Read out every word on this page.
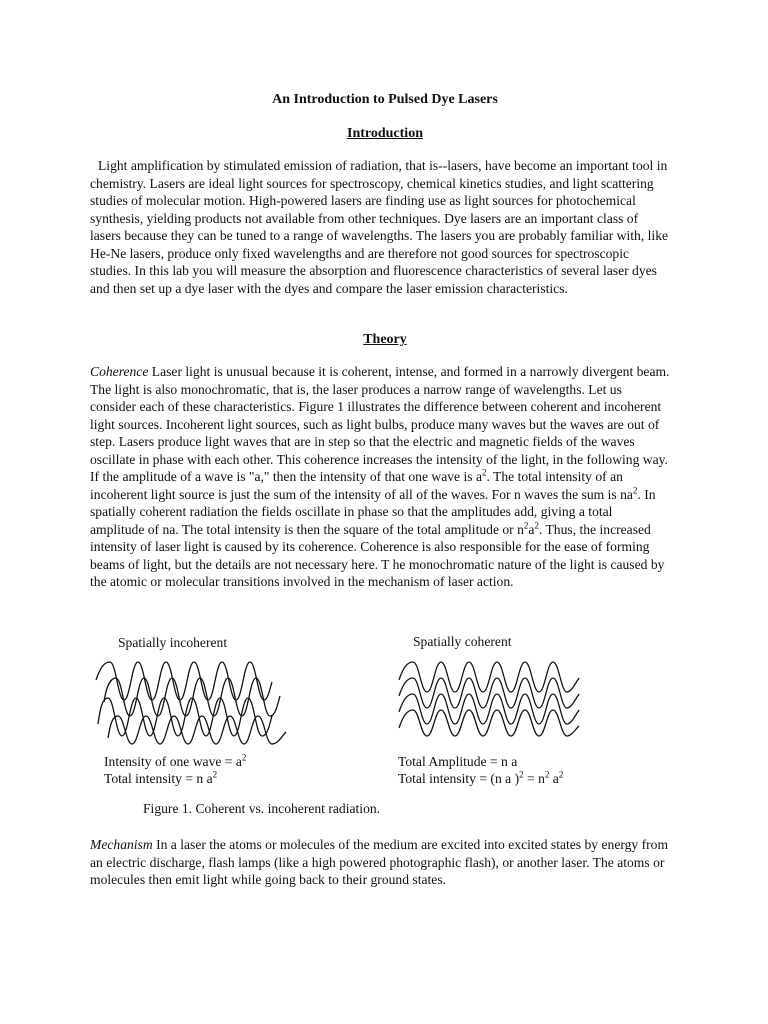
An Introduction to Pulsed Dye Lasers
Introduction

Light amplification by stimulated emission of radiation, that is--lasers, have become an important tool in chemistry. Lasers are ideal light sources for spectroscopy, chemical kinetics studies, and light scattering studies of molecular motion. High-powered lasers are finding use as light sources for photochemical synthesis, yielding products not available from other techniques. Dye lasers are an important class of lasers because they can be tuned to a range of wavelengths. The lasers you are probably familiar with, like He-Ne lasers, produce only fixed wavelengths and are therefore not good sources for spectroscopic studies. In this lab you will measure the absorption and fluorescence characteristics of several laser dyes and then set up a dye laser with the dyes and compare the laser emission characteristics.

Theory

Coherence Laser light is unusual because it is coherent, intense, and formed in a narrowly divergent beam. The light is also monochromatic, that is, the laser produces a narrow range of wavelengths. Let us consider each of these characteristics. Figure 1 illustrates the difference between coherent and incoherent light sources. Incoherent light sources, such as light bulbs, produce many waves but the waves are out of step. Lasers produce light waves that are in step so that the electric and magnetic fields of the waves oscillate in phase with each other. This coherence increases the intensity of the light, in the following way. If the amplitude of a wave is "a," then the intensity of that one wave is $a^2$. The total intensity of an incoherent light source is just the sum of the intensity of all of the waves. For n waves the sum is $na^2$. In spatially coherent radiation the fields oscillate in phase so that the amplitudes add, giving a total amplitude of na. The total intensity is then the square of the total amplitude or $n^2a^2$. Thus, the increased intensity of laser light is caused by its coherence. Coherence is also responsible for the ease of forming beams of light, but the details are not necessary here. T he monochromatic nature of the light is caused by the atomic or molecular transitions involved in the mechanism of laser action.

Spatially incoherent	Spatially coherent
Intensity of one wave = $a^2$
Total intensity = n $a^2$
Total Amplitude = n a
Total intensity = (n a )$^2 = n^2$ $a^2$
Figure 1. Coherent vs. incoherent radiation.

Mechanism In a laser the atoms or molecules of the medium are excited into excited states by energy from an electric discharge, flash lamps (like a high powered photographic flash), or another laser. The atoms or molecules then emit light while going back to their ground states.
